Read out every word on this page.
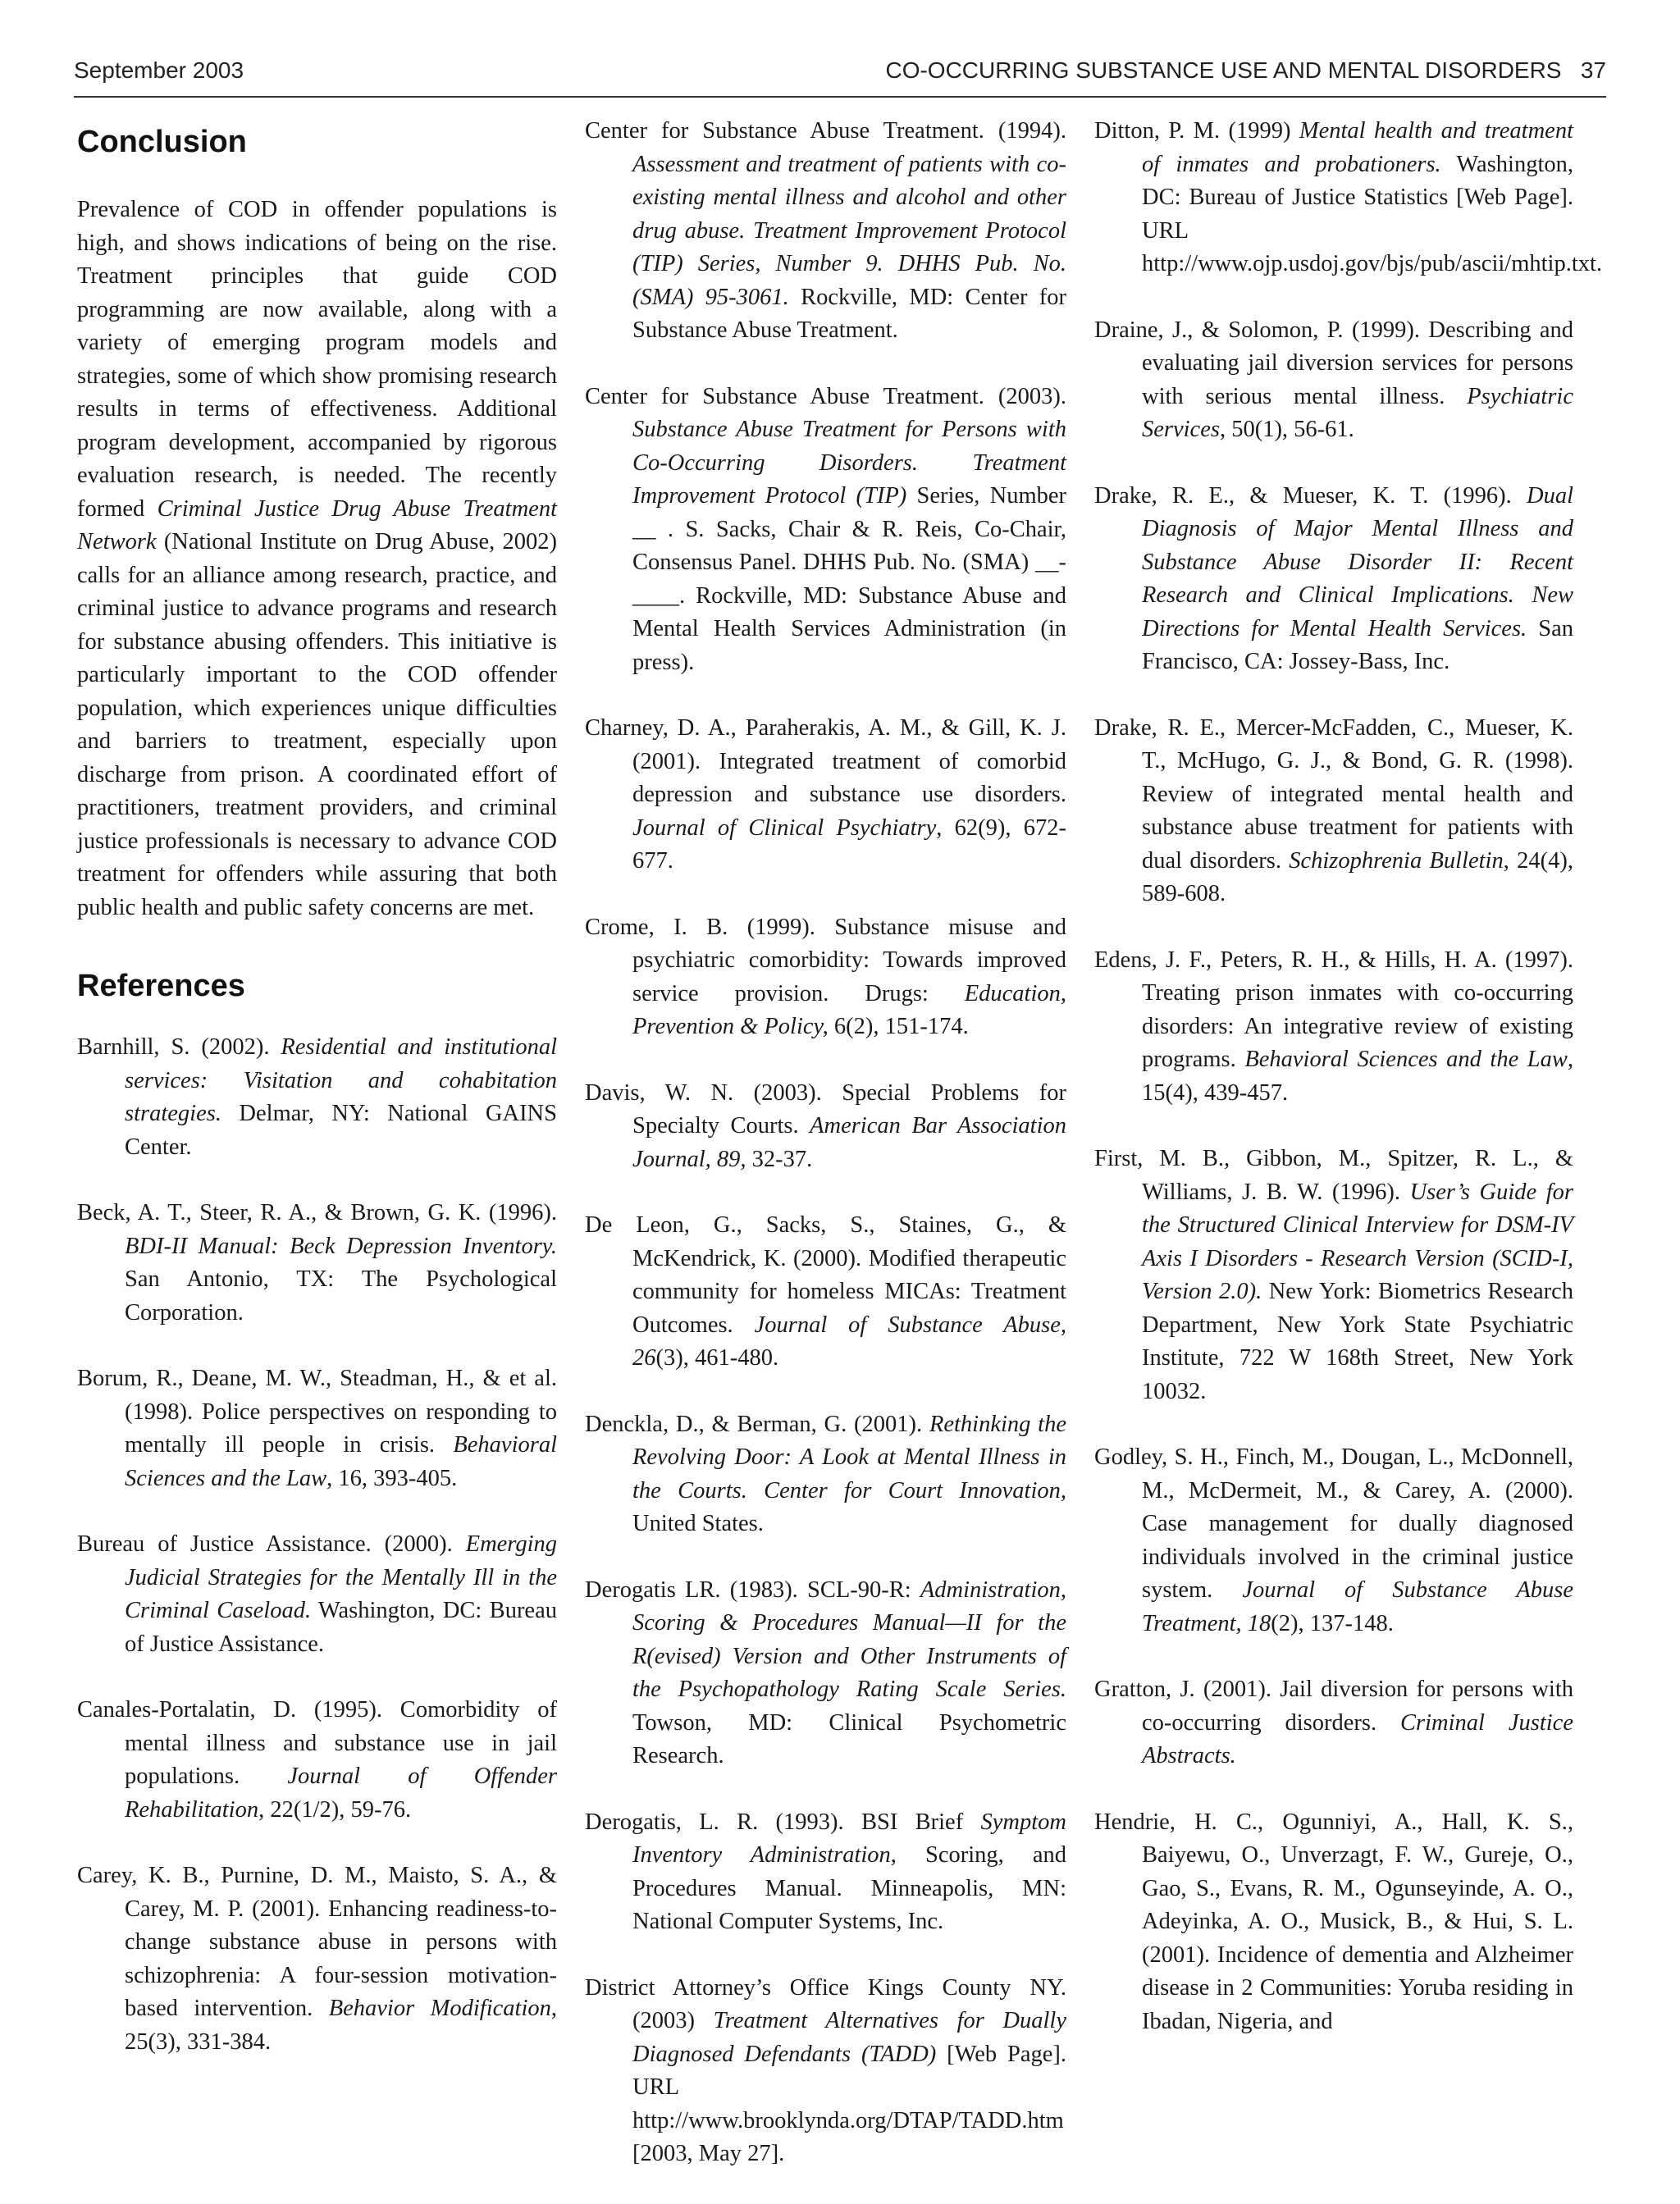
September 2003	CO-OCCURRING SUBSTANCE USE AND MENTAL DISORDERS 37
Conclusion

Prevalence of COD in offender populations is high, and shows indications of being on the rise. Treatment principles that guide COD programming are now available, along with a variety of emerging program models and strategies, some of which show promising research results in terms of effectiveness. Additional program development, accompanied by rigorous evaluation research, is needed. The recently formed Criminal Justice Drug Abuse Treatment Network (National Institute on Drug Abuse, 2002) calls for an alliance among research, practice, and criminal justice to advance programs and research for substance abusing offenders. This initiative is particularly important to the COD offender population, which experiences unique difficulties and barriers to treatment, especially upon discharge from prison. A coordinated effort of practitioners, treatment providers, and criminal justice professionals is necessary to advance COD treatment for offenders while assuring that both public health and public safety concerns are met.

References

Barnhill, S. (2002). Residential and institutional services: Visitation and cohabitation strategies. Delmar, NY: National GAINS Center.

Beck, A. T., Steer, R. A., & Brown, G. K. (1996). BDI-II Manual: Beck Depression Inventory. San Antonio, TX: The Psychological Corporation.

Borum, R., Deane, M. W., Steadman, H., & et al. (1998). Police perspectives on responding to mentally ill people in crisis. Behavioral Sciences and the Law, 16, 393-405.

Bureau of Justice Assistance. (2000). Emerging Judicial Strategies for the Mentally Ill in the Criminal Caseload. Washington, DC: Bureau of Justice Assistance.

Canales-Portalatin, D. (1995). Comorbidity of mental illness and substance use in jail populations. Journal of Offender Rehabilitation, 22(1/2), 59-76.

Carey, K. B., Purnine, D. M., Maisto, S. A., & Carey, M. P. (2001). Enhancing readiness-to-change substance abuse in persons with schizophrenia: A four-session motivation-based intervention. Behavior Modification, 25(3), 331-384.

Center for Substance Abuse Treatment. (1994). Assessment and treatment of patients with co-existing mental illness and alcohol and other drug abuse. Treatment Improvement Protocol (TIP) Series, Number 9. DHHS Pub. No. (SMA) 95-3061. Rockville, MD: Center for Substance Abuse Treatment.

Center for Substance Abuse Treatment. (2003). Substance Abuse Treatment for Persons with Co-Occurring Disorders. Treatment Improvement Protocol (TIP) Series, Number __ . S. Sacks, Chair & R. Reis, Co-Chair, Consensus Panel. DHHS Pub. No. (SMA) __-____. Rockville, MD: Substance Abuse and Mental Health Services Administration (in press).

Charney, D. A., Paraherakis, A. M., & Gill, K. J. (2001). Integrated treatment of comorbid depression and substance use disorders. Journal of Clinical Psychiatry, 62(9), 672-677.

Crome, I. B. (1999). Substance misuse and psychiatric comorbidity: Towards improved service provision. Drugs: Education, Prevention & Policy, 6(2), 151-174.

Davis, W. N. (2003). Special Problems for Specialty Courts. American Bar Association Journal, 89, 32-37.

De Leon, G., Sacks, S., Staines, G., & McKendrick, K. (2000). Modified therapeutic community for homeless MICAs: Treatment Outcomes. Journal of Substance Abuse, 26(3), 461-480.

Denckla, D., & Berman, G. (2001). Rethinking the Revolving Door: A Look at Mental Illness in the Courts. Center for Court Innovation, United States.

Derogatis LR. (1983). SCL-90-R: Administration, Scoring & Procedures Manual—II for the R(evised) Version and Other Instruments of the Psychopathology Rating Scale Series. Towson, MD: Clinical Psychometric Research.

Derogatis, L. R. (1993). BSI Brief Symptom Inventory Administration, Scoring, and Procedures Manual. Minneapolis, MN: National Computer Systems, Inc.

District Attorney’s Office Kings County NY. (2003) Treatment Alternatives for Dually Diagnosed Defendants (TADD) [Web Page]. URL http://www.brooklynda.org/DTAP/TADD.htm [2003, May 27].

Ditton, P. M. (1999) Mental health and treatment of inmates and probationers. Washington, DC: Bureau of Justice Statistics [Web Page]. URL http://www.ojp.usdoj.gov/bjs/pub/ascii/mhtip.txt.

Draine, J., & Solomon, P. (1999). Describing and evaluating jail diversion services for persons with serious mental illness. Psychiatric Services, 50(1), 56-61.

Drake, R. E., & Mueser, K. T. (1996). Dual Diagnosis of Major Mental Illness and Substance Abuse Disorder II: Recent Research and Clinical Implications. New Directions for Mental Health Services. San Francisco, CA: Jossey-Bass, Inc.

Drake, R. E., Mercer-McFadden, C., Mueser, K. T., McHugo, G. J., & Bond, G. R. (1998). Review of integrated mental health and substance abuse treatment for patients with dual disorders. Schizophrenia Bulletin, 24(4), 589-608.

Edens, J. F., Peters, R. H., & Hills, H. A. (1997). Treating prison inmates with co-occurring disorders: An integrative review of existing programs. Behavioral Sciences and the Law, 15(4), 439-457.

First, M. B., Gibbon, M., Spitzer, R. L., & Williams, J. B. W. (1996). User’s Guide for the Structured Clinical Interview for DSM-IV Axis I Disorders - Research Version (SCID-I, Version 2.0). New York: Biometrics Research Department, New York State Psychiatric Institute, 722 W 168th Street, New York 10032.

Godley, S. H., Finch, M., Dougan, L., McDonnell, M., McDermeit, M., & Carey, A. (2000). Case management for dually diagnosed individuals involved in the criminal justice system. Journal of Substance Abuse Treatment, 18(2), 137-148.

Gratton, J. (2001). Jail diversion for persons with co-occurring disorders. Criminal Justice Abstracts.

Hendrie, H. C., Ogunniyi, A., Hall, K. S., Baiyewu, O., Unverzagt, F. W., Gureje, O., Gao, S., Evans, R. M., Ogunseyinde, A. O., Adeyinka, A. O., Musick, B., & Hui, S. L. (2001). Incidence of dementia and Alzheimer disease in 2 Communities: Yoruba residing in Ibadan, Nigeria, and
